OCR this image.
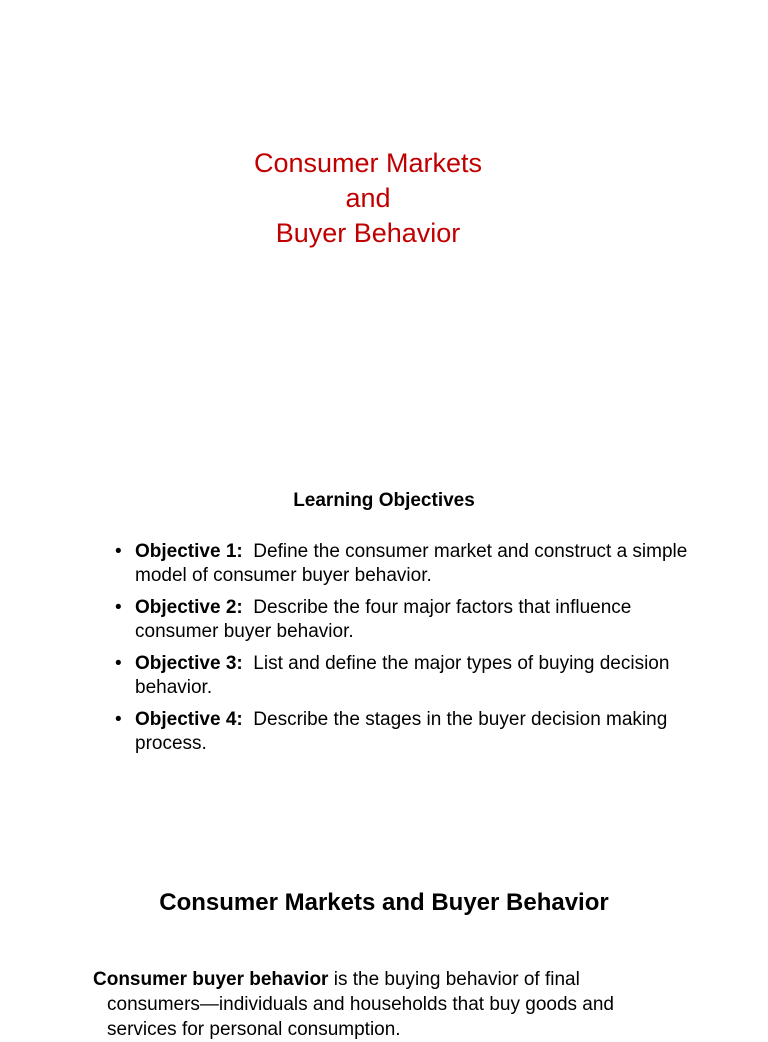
Consumer Markets
and
Buyer Behavior
Learning Objectives
• Objective 1: Define the consumer market and construct a simple model of consumer buyer behavior.
• Objective 2: Describe the four major factors that influence consumer buyer behavior.
• Objective 3: List and define the major types of buying decision behavior.
• Objective 4: Describe the stages in the buyer decision making process.
Consumer Markets and Buyer Behavior
Consumer buyer behavior is the buying behavior of final
consumers—individuals and households that buy goods and
services for personal consumption.
